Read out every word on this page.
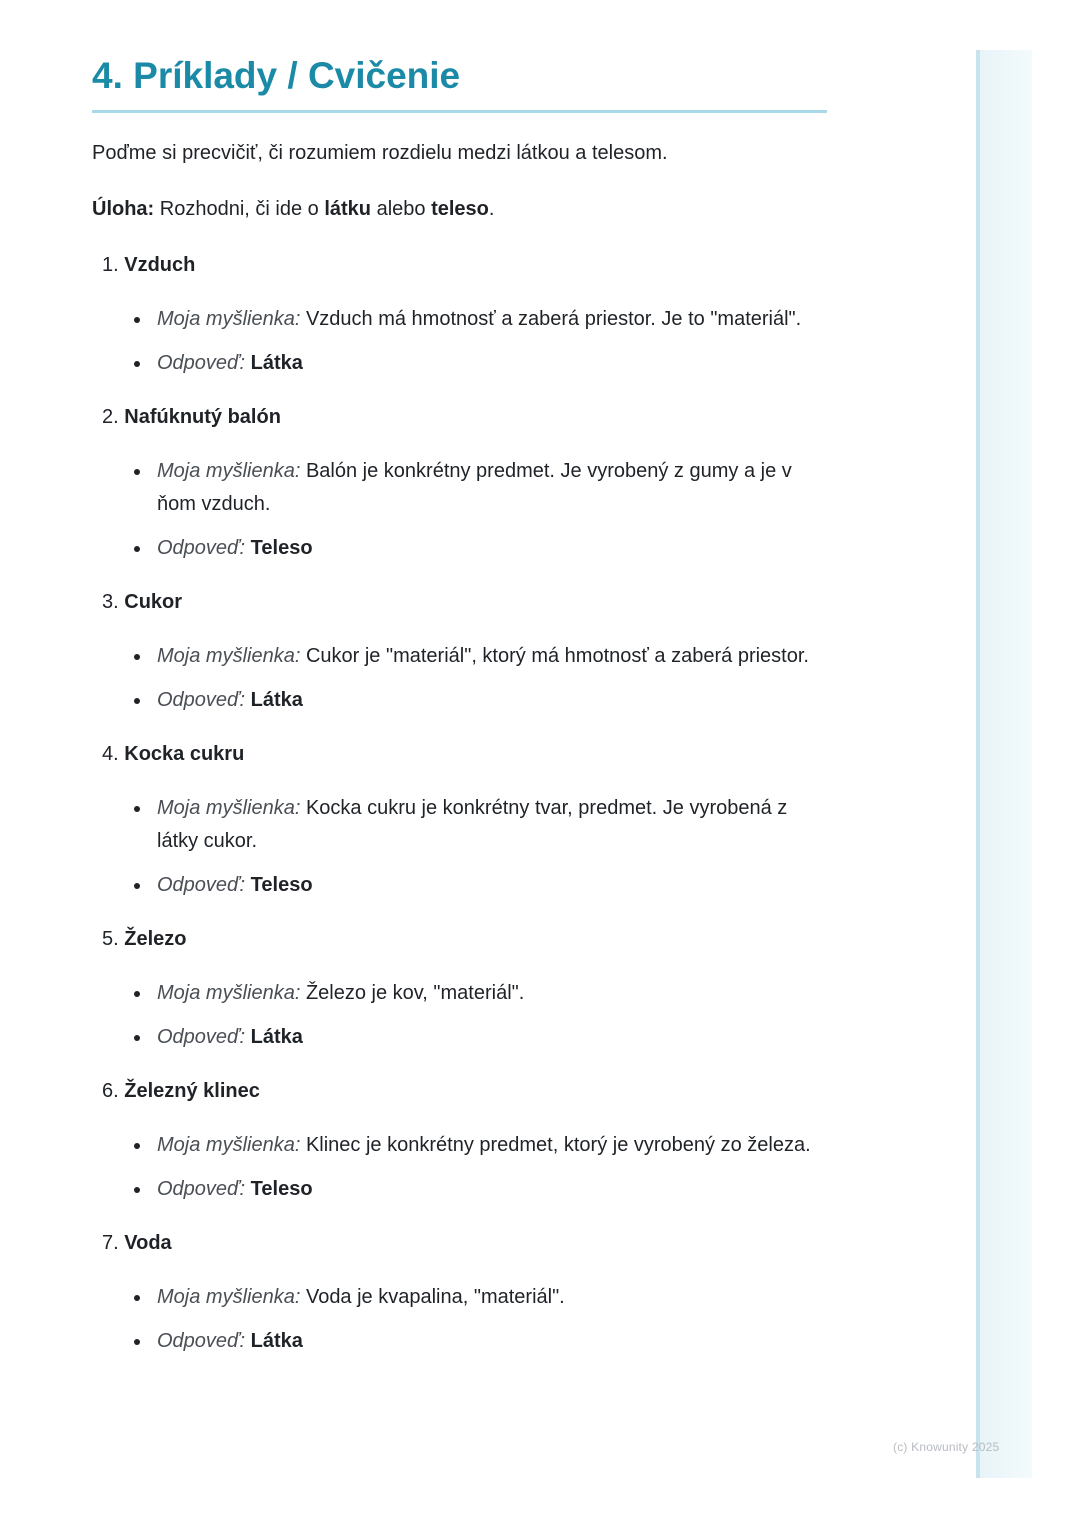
(c) Knowunity 2025
4. Príklady / Cvičenie

Poďme si precvičiť, či rozumiem rozdielu medzi látkou a telesom.

Úloha: Rozhodni, či ide o látku alebo teleso.

1. Vzduch
Moja myšlienka: Vzduch má hmotnosť a zaberá priestor. Je to "materiál".
Odpoveď: Látka
2. Nafúknutý balón
Moja myšlienka: Balón je konkrétny predmet. Je vyrobený z gumy a je v ňom vzduch.
Odpoveď: Teleso
3. Cukor
Moja myšlienka: Cukor je "materiál", ktorý má hmotnosť a zaberá priestor.
Odpoveď: Látka
4. Kocka cukru
Moja myšlienka: Kocka cukru je konkrétny tvar, predmet. Je vyrobená z látky cukor.
Odpoveď: Teleso
5. Železo
Moja myšlienka: Železo je kov, "materiál".
Odpoveď: Látka
6. Železný klinec
Moja myšlienka: Klinec je konkrétny predmet, ktorý je vyrobený zo železa.
Odpoveď: Teleso
7. Voda
Moja myšlienka: Voda je kvapalina, "materiál".
Odpoveď: Látka
